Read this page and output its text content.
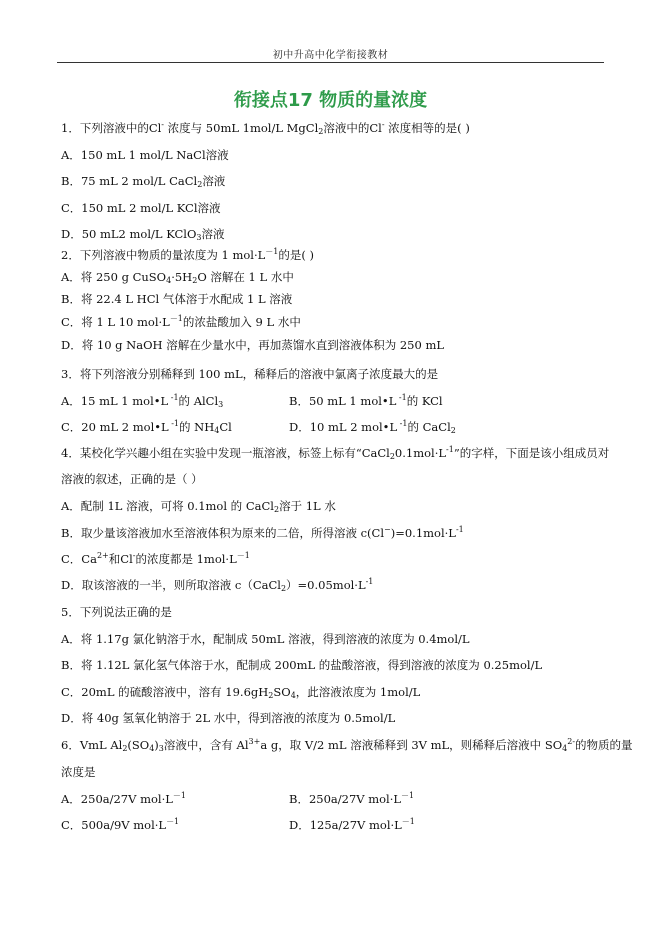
初中升高中化学衔接教材
衔接点17 物质的量浓度
1．下列溶液中的Cl- 浓度与 50mL 1mol/L MgCl$_2$溶液中的Cl- 浓度相等的是( )
A．150 mL 1 mol/L NaCl溶液
B．75 mL 2 mol/L CaCl$_2$溶液
C．150 mL 2 mol/L KCl溶液
D．50 mL2 mol/L KClO$_3$溶液
2．下列溶液中物质的量浓度为 1 $mol\cdot L^{-1}$的是( )
A．将 250 g $CuSO_4\cdot 5H_2O$ 溶解在 1 L 水中
B．将 22.4 L HCl 气体溶于水配成 1 L 溶液
C．将 1 L 10 $mol\cdot L^{-1}$的浓盐酸加入 9 L 水中
D．将 10 g NaOH 溶解在少量水中，再加蒸馏水直到溶液体积为 250 mL
3．将下列溶液分别稀释到 100 mL，稀释后的溶液中氯离子浓度最大的是
A．15 mL 1 mol•L $^{-1}$的 AlCl$_3$	B．50 mL 1 mol•L $^{-1}$的 KCl
C．20 mL 2 mol•L $^{-1}$的 $NH_4Cl$	D．10 mL 2 mol•L $^{-1}$的 CaCl$_2$
4．某校化学兴趣小组在实验中发现一瓶溶液，标签上标有“$CaCl_20.1mol\cdot L^{-1}$”的字样，下面是该小组成员对
溶液的叙述，正确的是（ ）
A．配制 1L 溶液，可将 0.1mol 的 CaCl$_2$溶于 1L 水
B．取少量该溶液加水至溶液体积为原来的二倍，所得溶液 $c(Cl^-)=0.1mol\cdot L^{-1}$
C．$Ca^{2+}$和Cl-的浓度都是 $1mol\cdot L^{-1}$
D．取该溶液的一半，则所取溶液 $c(CaCl_2)=0.05mol\cdot L^{-1}$
5．下列说法正确的是
A．将 1.17g 氯化钠溶于水，配制成 50mL 溶液，得到溶液的浓度为 0.4mol/L
B．将 1.12L 氯化氢气体溶于水，配制成 200mL 的盐酸溶液，得到溶液的浓度为 0.25mol/L
C．20mL 的硫酸溶液中，溶有 $19.6gH_2SO_4$，此溶液浓度为 1mol/L
D．将 40g 氢氧化钠溶于 2L 水中，得到溶液的浓度为 0.5mol/L
6．VmL $Al_2(SO_4)_3$溶液中，含有 $Al^{3+}a$ g，取 V/2 mL 溶液稀释到 3V mL，则稀释后溶液中 $SO_4^{2-}$的物质的量
浓度是
A．250a/27V $mol\cdot L^{-1}$	B．250a/27V $mol\cdot L^{-1}$
C．500a/9V $mol\cdot L^{-1}$	D．125a/27V $mol\cdot L^{-1}$
